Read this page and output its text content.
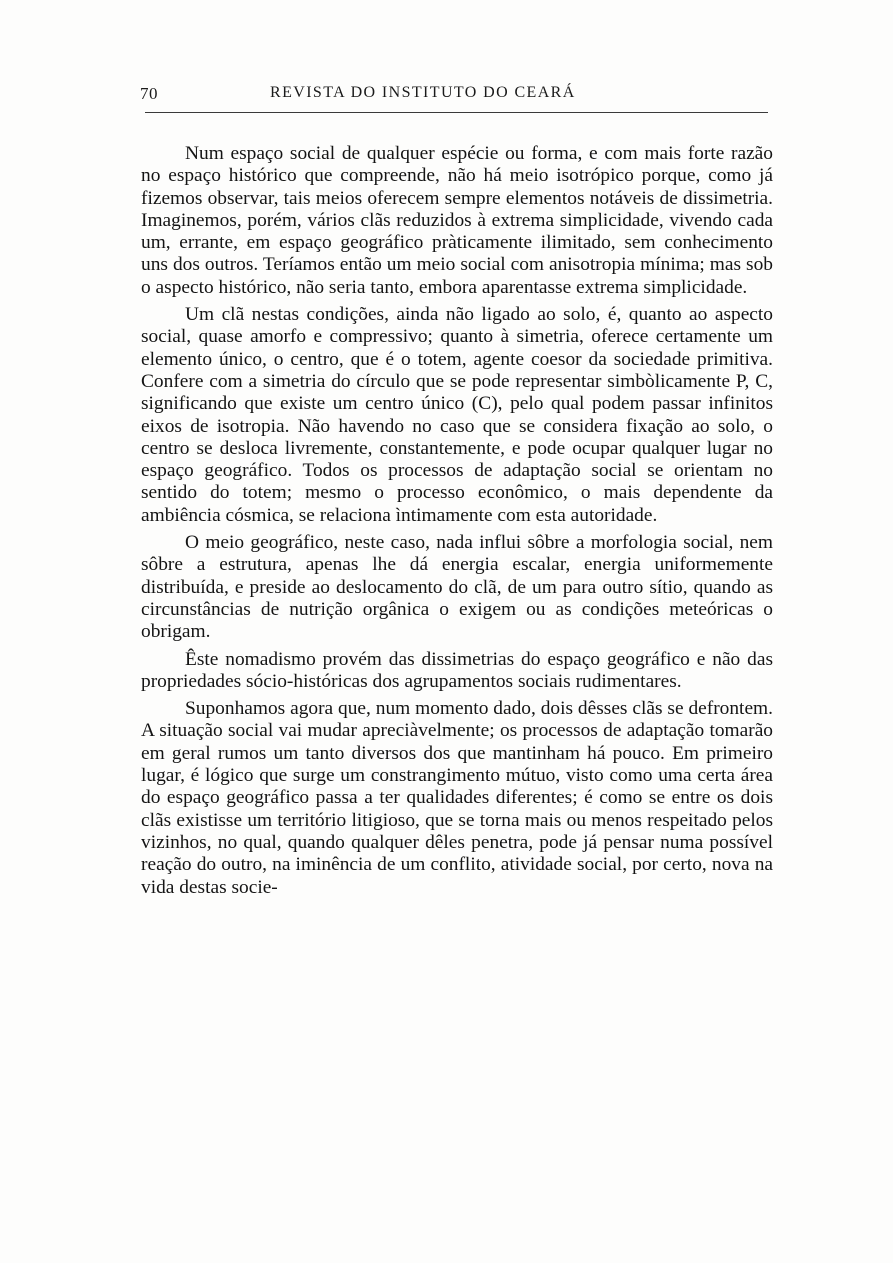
70	REVISTA DO INSTITUTO DO CEARÁ

Num espaço social de qualquer espécie ou forma, e com mais forte razão no espaço histórico que compreende, não há meio isotrópico porque, como já fizemos observar, tais meios oferecem sempre elementos notáveis de dissimetria. Imaginemos, porém, vários clãs reduzidos à extrema simplicidade, vivendo cada um, errante, em espaço geográfico pràticamente ilimitado, sem conhecimento uns dos outros. Teríamos então um meio social com anisotropia mínima; mas sob o aspecto histórico, não seria tanto, embora aparentasse extrema simplicidade.

Um clã nestas condições, ainda não ligado ao solo, é, quanto ao aspecto social, quase amorfo e compressivo; quanto à simetria, oferece certamente um elemento único, o centro, que é o totem, agente coesor da sociedade primitiva. Confere com a simetria do círculo que se pode representar simbòlicamente P, C, significando que existe um centro único (C), pelo qual podem passar infinitos eixos de isotropia. Não havendo no caso que se considera fixação ao solo, o centro se desloca livremente, constantemente, e pode ocupar qualquer lugar no espaço geográfico. Todos os processos de adaptação social se orientam no sentido do totem; mesmo o processo econômico, o mais dependente da ambiência cósmica, se relaciona ìntimamente com esta autoridade.

O meio geográfico, neste caso, nada influi sôbre a morfologia social, nem sôbre a estrutura, apenas lhe dá energia escalar, energia uniformemente distribuída, e preside ao deslocamento do clã, de um para outro sítio, quando as circunstâncias de nutrição orgânica o exigem ou as condições meteóricas o obrigam.

Êste nomadismo provém das dissimetrias do espaço geográfico e não das propriedades sócio-históricas dos agrupamentos sociais rudimentares.

Suponhamos agora que, num momento dado, dois dêsses clãs se defrontem. A situação social vai mudar apreciàvelmente; os processos de adaptação tomarão em geral rumos um tanto diversos dos que mantinham há pouco. Em primeiro lugar, é lógico que surge um constrangimento mútuo, visto como uma certa área do espaço geográfico passa a ter qualidades diferentes; é como se entre os dois clãs existisse um território litigioso, que se torna mais ou menos respeitado pelos vizinhos, no qual, quando qualquer dêles penetra, pode já pensar numa possível reação do outro, na iminência de um conflito, atividade social, por certo, nova na vida destas socie-
